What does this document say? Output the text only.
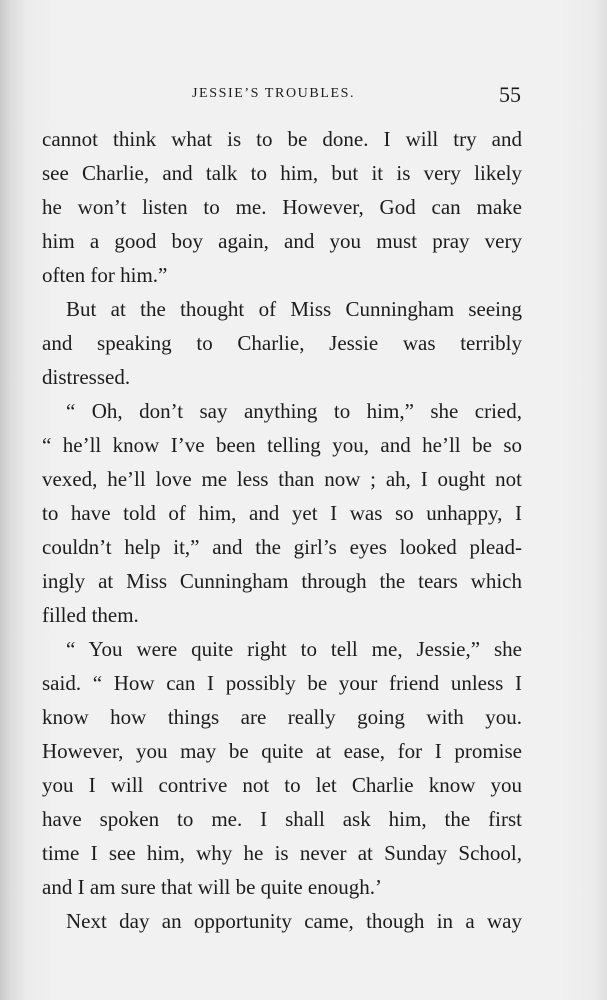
JESSIE’S TROUBLES.	55
cannot think what is to be done. I will try and
see Charlie, and talk to him, but it is very likely
he won’t listen to me. However, God can make
him a good boy again, and you must pray very
often for him.”
But at the thought of Miss Cunningham seeing
and speaking to Charlie, Jessie was terribly
distressed.
“ Oh, don’t say anything to him,” she cried,
“ he’ll know I’ve been telling you, and he’ll be so
vexed, he’ll love me less than now ; ah, I ought not
to have told of him, and yet I was so unhappy, I
couldn’t help it,” and the girl’s eyes looked plead-
ingly at Miss Cunningham through the tears which
filled them.
“ You were quite right to tell me, Jessie,” she
said. “ How can I possibly be your friend unless I
know how things are really going with you.
However, you may be quite at ease, for I promise
you I will contrive not to let Charlie know you
have spoken to me. I shall ask him, the first
time I see him, why he is never at Sunday School,
and I am sure that will be quite enough.’
Next day an opportunity came, though in a way
